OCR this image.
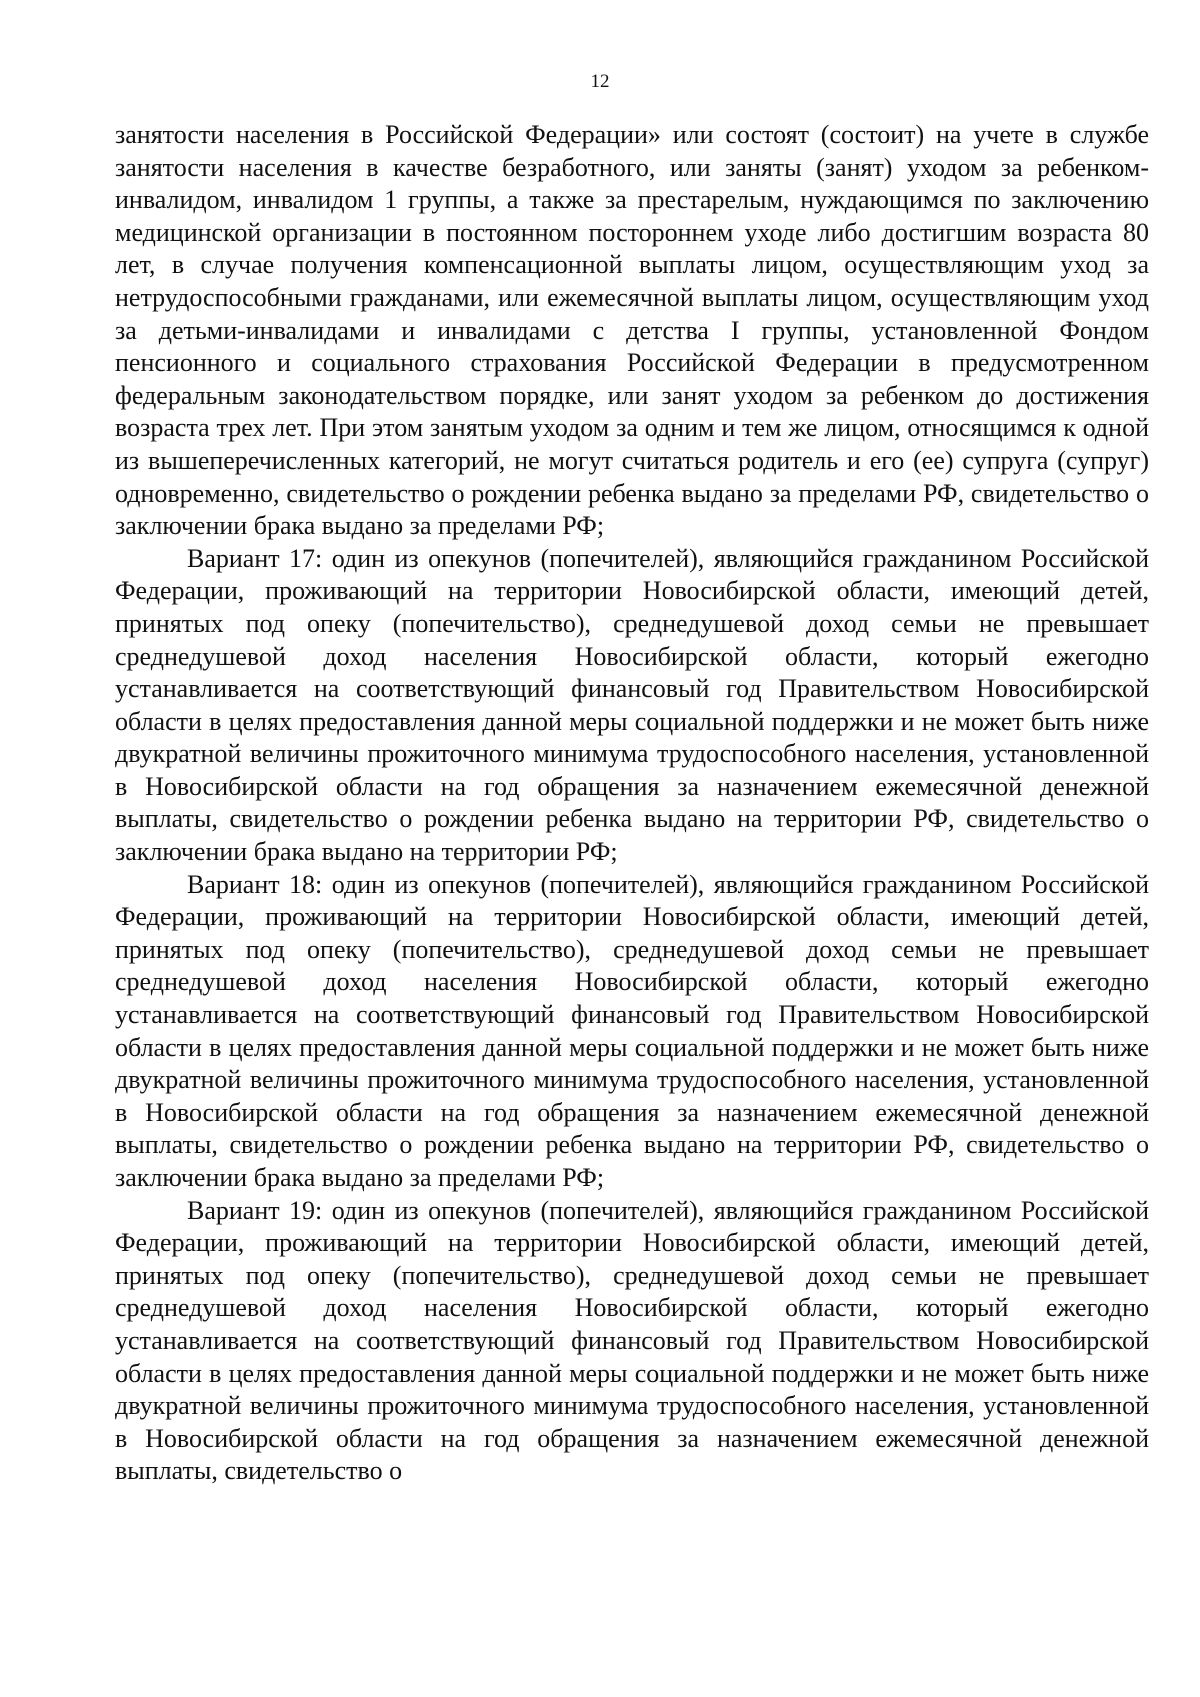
12

занятости населения в Российской Федерации» или состоят (состоит) на учете в службе занятости населения в качестве безработного, или заняты (занят) уходом за ребенком-инвалидом, инвалидом 1 группы, а также за престарелым, нуждающимся по заключению медицинской организации в постоянном постороннем уходе либо достигшим возраста 80 лет, в случае получения компенсационной выплаты лицом, осуществляющим уход за нетрудоспособными гражданами, или ежемесячной выплаты лицом, осуществляющим уход за детьми-инвалидами и инвалидами с детства I группы, установленной Фондом пенсионного и социального страхования Российской Федерации в предусмотренном федеральным законодательством порядке, или занят уходом за ребенком до достижения возраста трех лет. При этом занятым уходом за одним и тем же лицом, относящимся к одной из вышеперечисленных категорий, не могут считаться родитель и его (ее) супруга (супруг) одновременно, свидетельство о рождении ребенка выдано за пределами РФ, свидетельство о заключении брака выдано за пределами РФ;

Вариант 17: один из опекунов (попечителей), являющийся гражданином Российской Федерации, проживающий на территории Новосибирской области, имеющий детей, принятых под опеку (попечительство), среднедушевой доход семьи не превышает среднедушевой доход населения Новосибирской области, который ежегодно устанавливается на соответствующий финансовый год Правительством Новосибирской области в целях предоставления данной меры социальной поддержки и не может быть ниже двукратной величины прожиточного минимума трудоспособного населения, установленной в Новосибирской области на год обращения за назначением ежемесячной денежной выплаты, свидетельство о рождении ребенка выдано на территории РФ, свидетельство о заключении брака выдано на территории РФ;

Вариант 18: один из опекунов (попечителей), являющийся гражданином Российской Федерации, проживающий на территории Новосибирской области, имеющий детей, принятых под опеку (попечительство), среднедушевой доход семьи не превышает среднедушевой доход населения Новосибирской области, который ежегодно устанавливается на соответствующий финансовый год Правительством Новосибирской области в целях предоставления данной меры социальной поддержки и не может быть ниже двукратной величины прожиточного минимума трудоспособного населения, установленной в Новосибирской области на год обращения за назначением ежемесячной денежной выплаты, свидетельство о рождении ребенка выдано на территории РФ, свидетельство о заключении брака выдано за пределами РФ;

Вариант 19: один из опекунов (попечителей), являющийся гражданином Российской Федерации, проживающий на территории Новосибирской области, имеющий детей, принятых под опеку (попечительство), среднедушевой доход семьи не превышает среднедушевой доход населения Новосибирской области, который ежегодно устанавливается на соответствующий финансовый год Правительством Новосибирской области в целях предоставления данной меры социальной поддержки и не может быть ниже двукратной величины прожиточного минимума трудоспособного населения, установленной в Новосибирской области на год обращения за назначением ежемесячной денежной выплаты, свидетельство о
